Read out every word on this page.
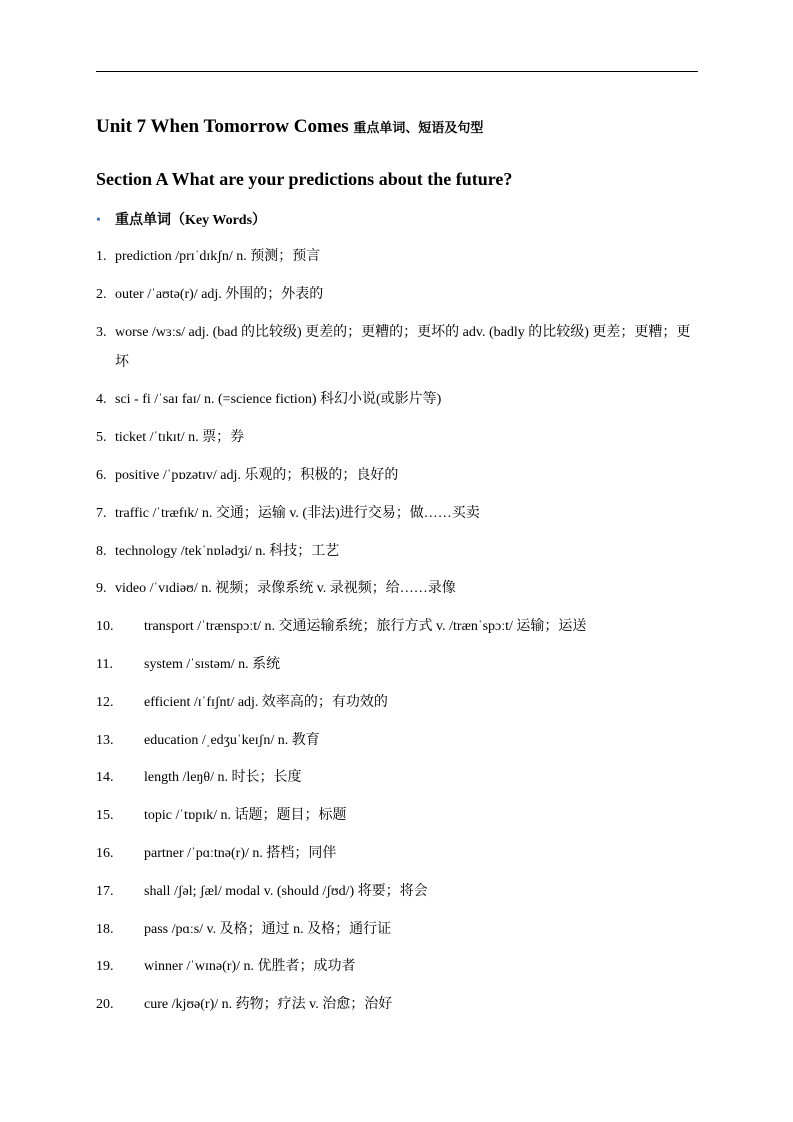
Unit 7 When Tomorrow Comes 重点单词、短语及句型
Section A What are your predictions about the future?
• 重点单词（Key Words）
1. prediction /prɪˈdɪkʃn/ n. 预测；预言
2. outer /ˈaʊtə(r)/ adj. 外围的；外表的
3. worse /wɜːs/ adj. (bad 的比较级) 更差的；更糟的；更坏的 adv. (badly 的比较级) 更差；更糟；更坏
4. sci - fi /ˈsaɪ faɪ/ n. (=science fiction) 科幻小说(或影片等)
5. ticket /ˈtɪkɪt/ n. 票；券
6. positive /ˈpɒzətɪv/ adj. 乐观的；积极的；良好的
7. traffic /ˈtræfɪk/ n. 交通；运输 v. (非法)进行交易；做……买卖
8. technology /tekˈnɒlədʒi/ n. 科技；工艺
9. video /ˈvɪdiəʊ/ n. 视频；录像系统 v. 录视频；给……录像
10. transport /ˈtrænspɔːt/ n. 交通运输系统；旅行方式 v. /trænˈspɔːt/ 运输；运送
11. system /ˈsɪstəm/ n. 系统
12. efficient /ɪˈfɪʃnt/ adj. 效率高的；有功效的
13. education /ˌedʒuˈkeɪʃn/ n. 教育
14. length /leŋθ/ n. 时长；长度
15. topic /ˈtɒpɪk/ n. 话题；题目；标题
16. partner /ˈpɑːtnə(r)/ n. 搭档；同伴
17. shall /ʃəl; ʃæl/ modal v. (should /ʃʊd/) 将要；将会
18. pass /pɑːs/ v. 及格；通过 n. 及格；通行证
19. winner /ˈwɪnə(r)/ n. 优胜者；成功者
20. cure /kjʊə(r)/ n. 药物；疗法 v. 治愈；治好
